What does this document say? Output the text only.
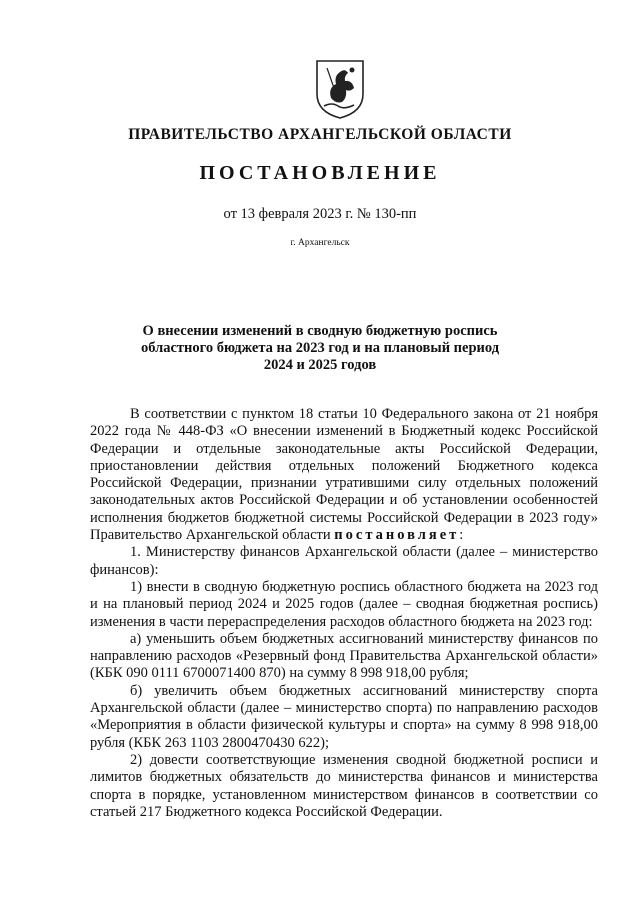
ПРАВИТЕЛЬСТВО АРХАНГЕЛЬСКОЙ ОБЛАСТИ
ПОСТАНОВЛЕНИЕ
от 13 февраля 2023 г. № 130-пп
г. Архангельск
О внесении изменений в сводную бюджетную роспись
областного бюджета на 2023 год и на плановый период
2024 и 2025 годов

В соответствии с пунктом 18 статьи 10 Федерального закона от 21 ноября 2022 года № 448-ФЗ «О внесении изменений в Бюджетный кодекс Российской Федерации и отдельные законодательные акты Российской Федерации, приостановлении действия отдельных положений Бюджетного кодекса Российской Федерации, признании утратившими силу отдельных положений законодательных актов Российской Федерации и об установлении особенностей исполнения бюджетов бюджетной системы Российской Федерации в 2023 году» Правительство Архангельской области постановляет:

1. Министерству финансов Архангельской области (далее – министерство финансов):

1) внести в сводную бюджетную роспись областного бюджета на 2023 год и на плановый период 2024 и 2025 годов (далее – сводная бюджетная роспись) изменения в части перераспределения расходов областного бюджета на 2023 год:

а) уменьшить объем бюджетных ассигнований министерству финансов по направлению расходов «Резервный фонд Правительства Архангельской области» (КБК 090 0111 6700071400 870) на сумму 8 998 918,00 рубля;

б) увеличить объем бюджетных ассигнований министерству спорта Архангельской области (далее – министерство спорта) по направлению расходов «Мероприятия в области физической культуры и спорта» на сумму 8 998 918,00 рубля (КБК 263 1103 2800470430 622);

2) довести соответствующие изменения сводной бюджетной росписи и лимитов бюджетных обязательств до министерства финансов и министерства спорта в порядке, установленном министерством финансов в соответствии со статьей 217 Бюджетного кодекса Российской Федерации.
